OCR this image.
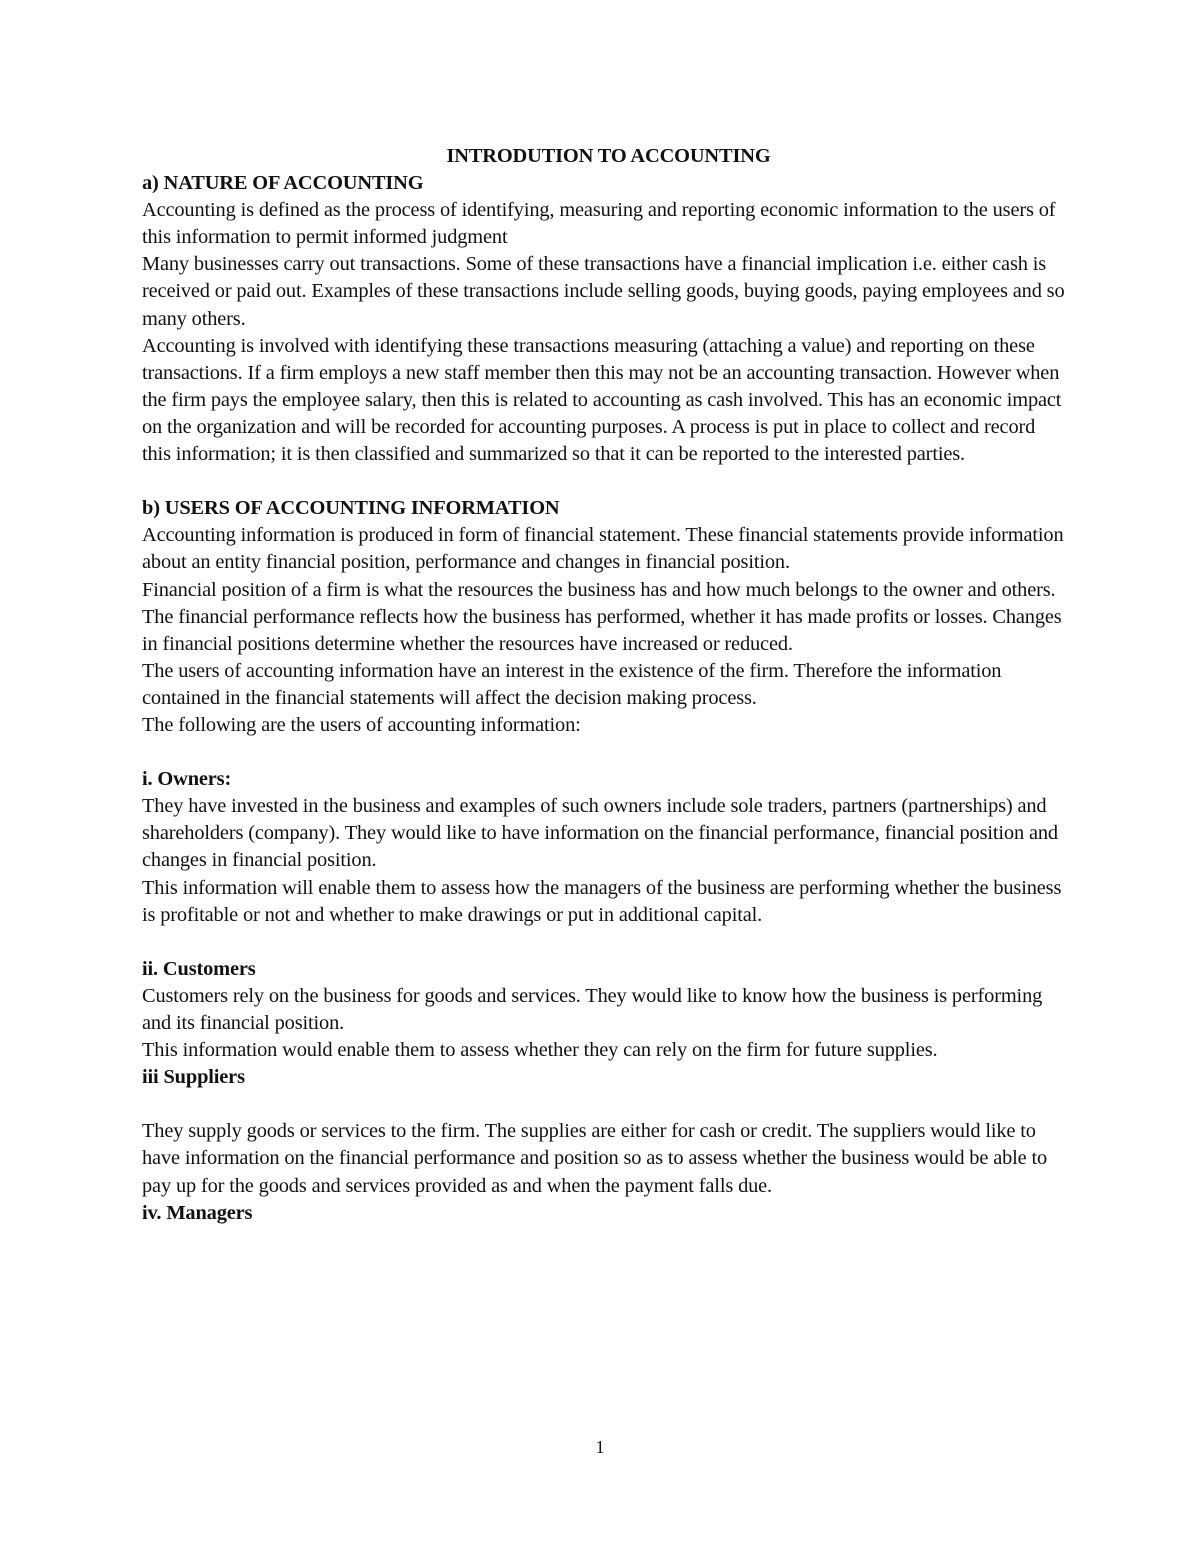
INTRODUTION TO ACCOUNTING

a) NATURE OF ACCOUNTING

Accounting is defined as the process of identifying, measuring and reporting economic information to the users of this information to permit informed judgment

Many businesses carry out transactions. Some of these transactions have a financial implication i.e. either cash is received or paid out. Examples of these transactions include selling goods, buying goods, paying employees and so many others.

Accounting is involved with identifying these transactions measuring (attaching a value) and reporting on these transactions. If a firm employs a new staff member then this may not be an accounting transaction. However when the firm pays the employee salary, then this is related to accounting as cash involved. This has an economic impact on the organization and will be recorded for accounting purposes. A process is put in place to collect and record this information; it is then classified and summarized so that it can be reported to the interested parties.

b) USERS OF ACCOUNTING INFORMATION

Accounting information is produced in form of financial statement. These financial statements provide information about an entity financial position, performance and changes in financial position.

Financial position of a firm is what the resources the business has and how much belongs to the owner and others.

The financial performance reflects how the business has performed, whether it has made profits or losses. Changes in financial positions determine whether the resources have increased or reduced.

The users of accounting information have an interest in the existence of the firm. Therefore the information contained in the financial statements will affect the decision making process.

The following are the users of accounting information:

i. Owners:

They have invested in the business and examples of such owners include sole traders, partners (partnerships) and shareholders (company). They would like to have information on the financial performance, financial position and changes in financial position.

This information will enable them to assess how the managers of the business are performing whether the business is profitable or not and whether to make drawings or put in additional capital.

ii. Customers

Customers rely on the business for goods and services. They would like to know how the business is performing and its financial position.

This information would enable them to assess whether they can rely on the firm for future supplies.

iii Suppliers

They supply goods or services to the firm. The supplies are either for cash or credit. The suppliers would like to have information on the financial performance and position so as to assess whether the business would be able to pay up for the goods and services provided as and when the payment falls due.

iv. Managers

1
